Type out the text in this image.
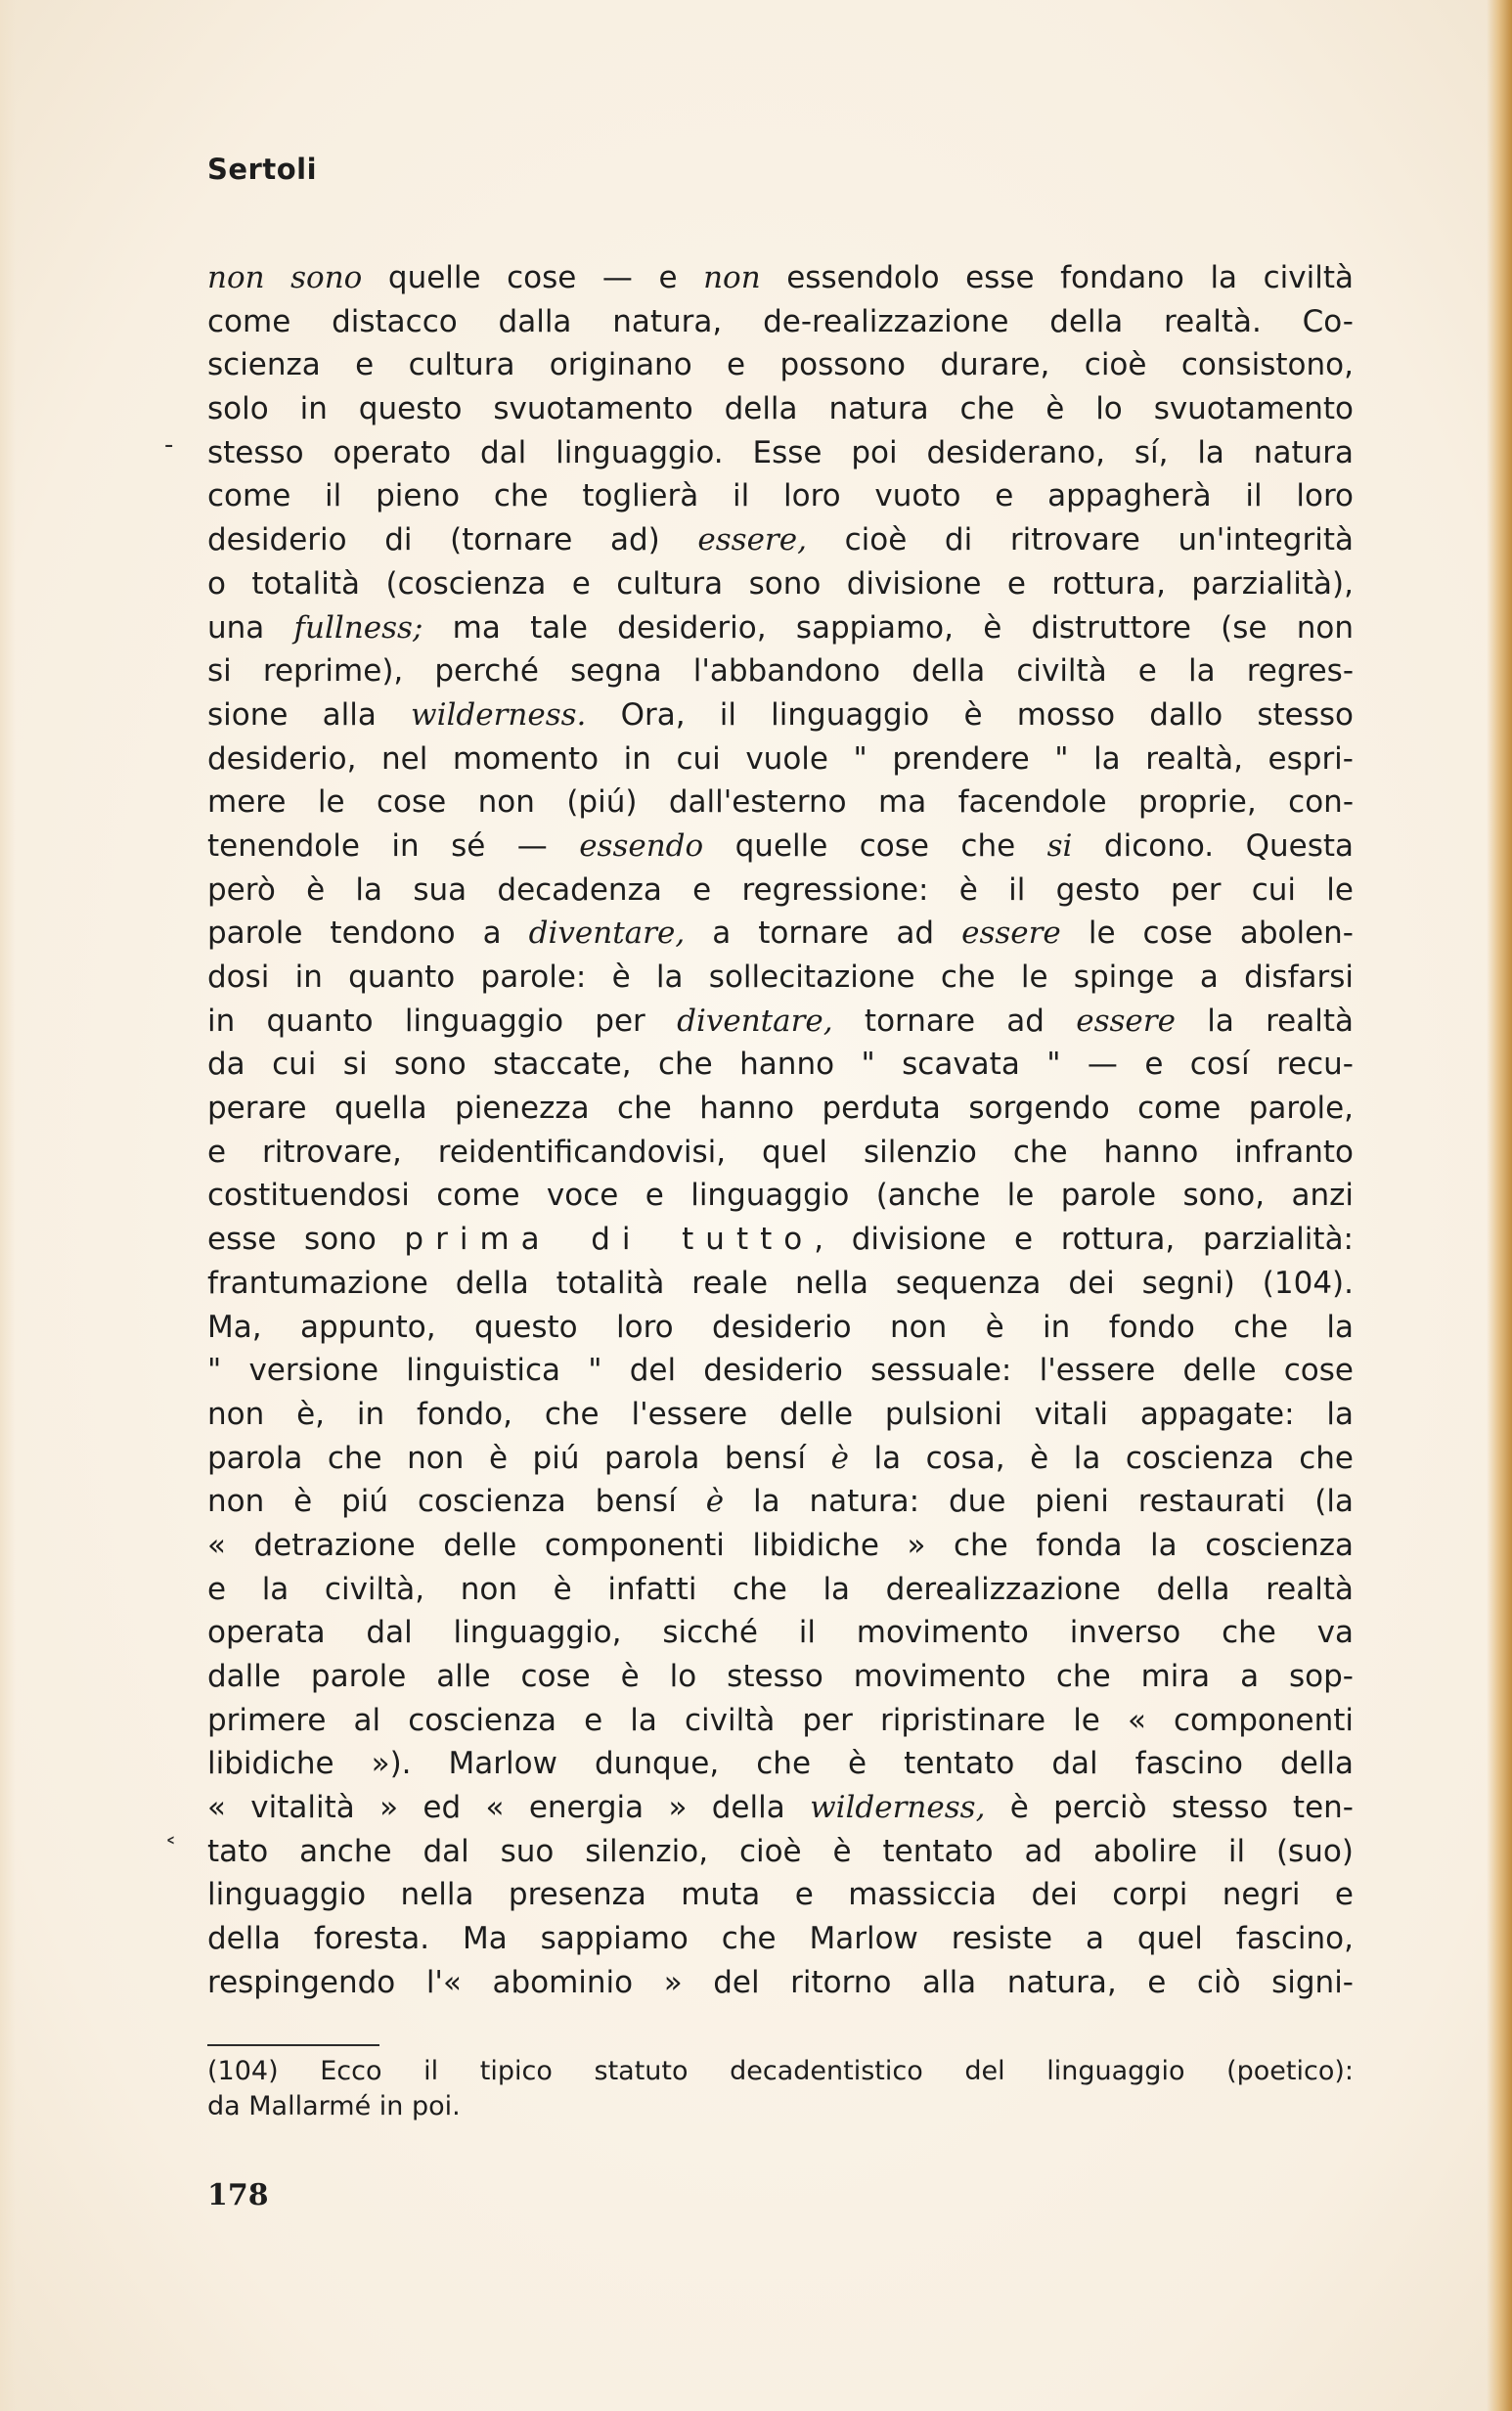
Sertoli

‐
˂
non sono quelle cose — e non essendolo esse fondano la civiltà
come distacco dalla natura, de-realizzazione della realtà. Co-
scienza e cultura originano e possono durare, cioè consistono,
solo in questo svuotamento della natura che è lo svuotamento
stesso operato dal linguaggio. Esse poi desiderano, sí, la natura
come il pieno che toglierà il loro vuoto e appagherà il loro
desiderio di (tornare ad) essere, cioè di ritrovare un'integrità
o totalità (coscienza e cultura sono divisione e rottura, parzialità),
una fullness; ma tale desiderio, sappiamo, è distruttore (se non
si reprime), perché segna l'abbandono della civiltà e la regres-
sione alla wilderness. Ora, il linguaggio è mosso dallo stesso
desiderio, nel momento in cui vuole " prendere " la realtà, espri-
mere le cose non (piú) dall'esterno ma facendole proprie, con-
tenendole in sé — essendo quelle cose che si dicono. Questa
però è la sua decadenza e regressione: è il gesto per cui le
parole tendono a diventare, a tornare ad essere le cose abolen-
dosi in quanto parole: è la sollecitazione che le spinge a disfarsi
in quanto linguaggio per diventare, tornare ad essere la realtà
da cui si sono staccate, che hanno " scavata " — e cosí recu-
perare quella pienezza che hanno perduta sorgendo come parole,
e ritrovare, reidentificandovisi, quel silenzio che hanno infranto
costituendosi come voce e linguaggio (anche le parole sono, anzi
esse sono prima di tutto, divisione e rottura, parzialità:
frantumazione della totalità reale nella sequenza dei segni) (104).
Ma, appunto, questo loro desiderio non è in fondo che la
" versione linguistica " del desiderio sessuale: l'essere delle cose
non è, in fondo, che l'essere delle pulsioni vitali appagate: la
parola che non è piú parola bensí è la cosa, è la coscienza che
non è piú coscienza bensí è la natura: due pieni restaurati (la
« detrazione delle componenti libidiche » che fonda la coscienza
e la civiltà, non è infatti che la derealizzazione della realtà
operata dal linguaggio, sicché il movimento inverso che va
dalle parole alle cose è lo stesso movimento che mira a sop-
primere al coscienza e la civiltà per ripristinare le « componenti
libidiche »). Marlow dunque, che è tentato dal fascino della
« vitalità » ed « energia » della wilderness, è perciò stesso ten-
tato anche dal suo silenzio, cioè è tentato ad abolire il (suo)
linguaggio nella presenza muta e massiccia dei corpi negri e
della foresta. Ma sappiamo che Marlow resiste a quel fascino,
respingendo l'« abominio » del ritorno alla natura, e ciò signi-
(104) Ecco il tipico statuto decadentistico del linguaggio (poetico):
da Mallarmé in poi.

178
